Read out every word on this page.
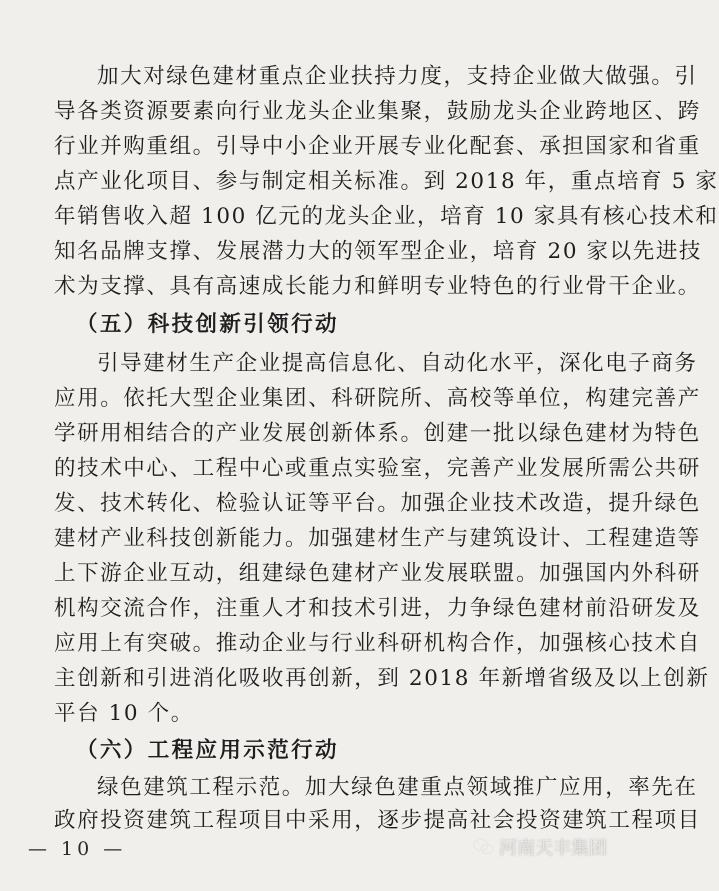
加大对绿色建材重点企业扶持力度，支持企业做大做强。引
导各类资源要素向行业龙头企业集聚，鼓励龙头企业跨地区、跨
行业并购重组。引导中小企业开展专业化配套、承担国家和省重
点产业化项目、参与制定相关标准。到 2018 年，重点培育 5 家
年销售收入超 100 亿元的龙头企业，培育 10 家具有核心技术和
知名品牌支撑、发展潜力大的领军型企业，培育 20 家以先进技
术为支撑、具有高速成长能力和鲜明专业特色的行业骨干企业。
（五）科技创新引领行动
引导建材生产企业提高信息化、自动化水平，深化电子商务
应用。依托大型企业集团、科研院所、高校等单位，构建完善产
学研用相结合的产业发展创新体系。创建一批以绿色建材为特色
的技术中心、工程中心或重点实验室，完善产业发展所需公共研
发、技术转化、检验认证等平台。加强企业技术改造，提升绿色
建材产业科技创新能力。加强建材生产与建筑设计、工程建造等
上下游企业互动，组建绿色建材产业发展联盟。加强国内外科研
机构交流合作，注重人才和技术引进，力争绿色建材前沿研发及
应用上有突破。推动企业与行业科研机构合作，加强核心技术自
主创新和引进消化吸收再创新，到 2018 年新增省级及以上创新
平台 10 个。
（六）工程应用示范行动
绿色建筑工程示范。加大绿色建重点领域推广应用，率先在
政府投资建筑工程项目中采用，逐步提高社会投资建筑工程项目
— 10 —	河南天丰集团
